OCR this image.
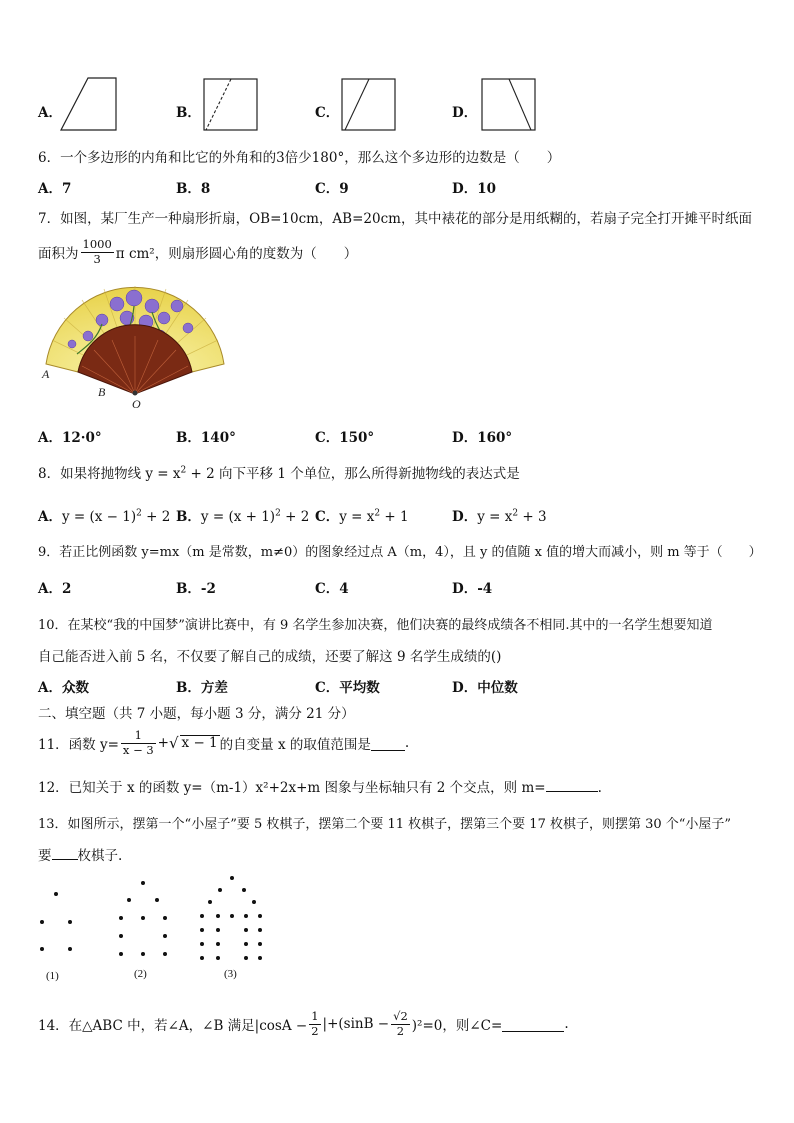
A．	B．	C．	D．
6．一个多边形的内角和比它的外角和的3倍少180°，那么这个多边形的边数是（　　）
A．7	B．8	C．9	D．10
7．如图，某厂生产一种扇形折扇，OB=10cm，AB=20cm，其中裱花的部分是用纸糊的，若扇子完全打开摊平时纸面
面积为 $\frac{1000}{3}$ π cm²，则扇形圆心角的度数为（　　）
A
B
O
A．12·0°	B．140°	C．150°	D．160°
8．如果将抛物线 $y = x^2 + 2$ 向下平移 1 个单位，那么所得新抛物线的表达式是
A．$y = (x - 1)^2 + 2$ B．$y = (x + 1)^2 + 2$ C．$y = x^2 + 1$	D．$y = x^2 + 3$
9．若正比例函数 y=mx（m 是常数，m≠0）的图象经过点 A（m，4），且 y 的值随 x 值的增大而减小，则 m 等于（　　）
A．2	B．-2	C．4	D．-4
10．在某校“我的中国梦”演讲比赛中，有 9 名学生参加决赛，他们决赛的最终成绩各不相同.其中的一名学生想要知道
自己能否进入前 5 名，不仅要了解自己的成绩，还要了解这 9 名学生成绩的()
A．众数	B．方差	C．平均数	D．中位数
二、填空题（共 7 小题，每小题 3 分，满分 21 分）
11．函数 $y= \frac{1}{x - 3}$ + √ x − 1 的自变量 x 的取值范围是	.
12．已知关于 x 的函数 y=（m-1）x²+2x+m 图象与坐标轴只有 2 个交点，则 m=	.
13．如图所示，摆第一个“小屋子”要 5 枚棋子，摆第二个要 11 枚棋子，摆第三个要 17 枚棋子，则摆第 30 个“小屋子”
要 枚棋子.
(1)	(2)	(3)
14．在△ABC 中，若∠A，∠B 满足$|\cos A - \frac{1}{2} |+(\sin B - \frac{√2}{2} )^2=0$，则∠C=	.
